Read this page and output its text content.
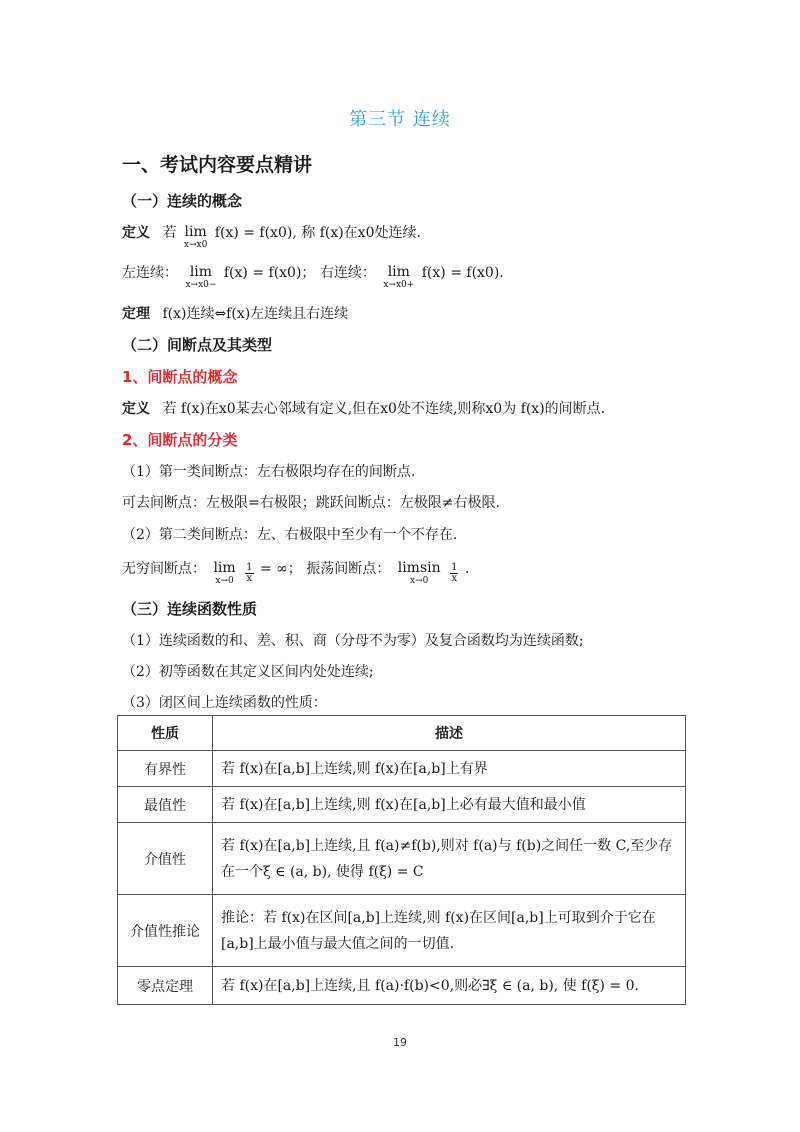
第三节 连续
一、考试内容要点精讲
（一）连续的概念
定义 若 lim
x→x0
f(x) = f(x0), 称 f(x)在x0处连续.
左连续： lim
x→x0−
f(x) = f(x0)； 右连续： lim
x→x0+
f(x) = f(x0).
定理 f(x)连续⇔f(x)左连续且右连续
（二）间断点及其类型
1、间断点的概念
定义 若 f(x)在x0某去心邻域有定义,但在x0处不连续,则称x0为 f(x)的间断点.
2、间断点的分类
（1）第一类间断点：左右极限均存在的间断点.
可去间断点：左极限=右极限；跳跃间断点：左极限≠右极限.
（2）第二类间断点：左、右极限中至少有一个不存在.
无穷间断点： lim
x→0
$\frac{1}{x}$ = ∞； 振荡间断点： limsin
x→0
	$\frac{1}{x}$ .
（三）连续函数性质
（1）连续函数的和、差、积、商（分母不为零）及复合函数均为连续函数;
（2）初等函数在其定义区间内处处连续;
（3）闭区间上连续函数的性质：
性质	描述
有界性	若 f(x)在[a,b]上连续,则 f(x)在[a,b]上有界
最值性	若 f(x)在[a,b]上连续,则 f(x)在[a,b]上必有最大值和最小值
介值性	若 f(x)在[a,b]上连续,且 f(a)≠f(b),则对 f(a)与 f(b)之间任一数 C,至少存在一个ξ ∈ (a, b), 使得 f(ξ) = C
介值性推论	推论：若 f(x)在区间[a,b]上连续,则 f(x)在区间[a,b]上可取到介于它在[a,b]上最小值与最大值之间的一切值.
零点定理	若 f(x)在[a,b]上连续,且 f(a)·f(b)<0,则必∃ξ ∈ (a, b), 使 f(ξ) = 0.
19
